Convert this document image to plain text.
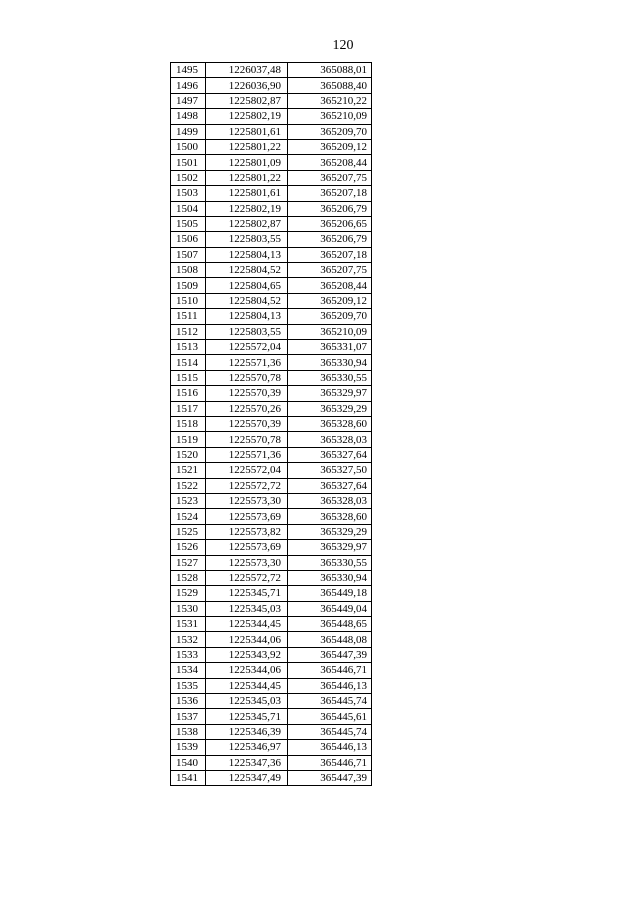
120
1495	1226037,48	365088,01
1496	1226036,90	365088,40
1497	1225802,87	365210,22
1498	1225802,19	365210,09
1499	1225801,61	365209,70
1500	1225801,22	365209,12
1501	1225801,09	365208,44
1502	1225801,22	365207,75
1503	1225801,61	365207,18
1504	1225802,19	365206,79
1505	1225802,87	365206,65
1506	1225803,55	365206,79
1507	1225804,13	365207,18
1508	1225804,52	365207,75
1509	1225804,65	365208,44
1510	1225804,52	365209,12
1511	1225804,13	365209,70
1512	1225803,55	365210,09
1513	1225572,04	365331,07
1514	1225571,36	365330,94
1515	1225570,78	365330,55
1516	1225570,39	365329,97
1517	1225570,26	365329,29
1518	1225570,39	365328,60
1519	1225570,78	365328,03
1520	1225571,36	365327,64
1521	1225572,04	365327,50
1522	1225572,72	365327,64
1523	1225573,30	365328,03
1524	1225573,69	365328,60
1525	1225573,82	365329,29
1526	1225573,69	365329,97
1527	1225573,30	365330,55
1528	1225572,72	365330,94
1529	1225345,71	365449,18
1530	1225345,03	365449,04
1531	1225344,45	365448,65
1532	1225344,06	365448,08
1533	1225343,92	365447,39
1534	1225344,06	365446,71
1535	1225344,45	365446,13
1536	1225345,03	365445,74
1537	1225345,71	365445,61
1538	1225346,39	365445,74
1539	1225346,97	365446,13
1540	1225347,36	365446,71
1541	1225347,49	365447,39
